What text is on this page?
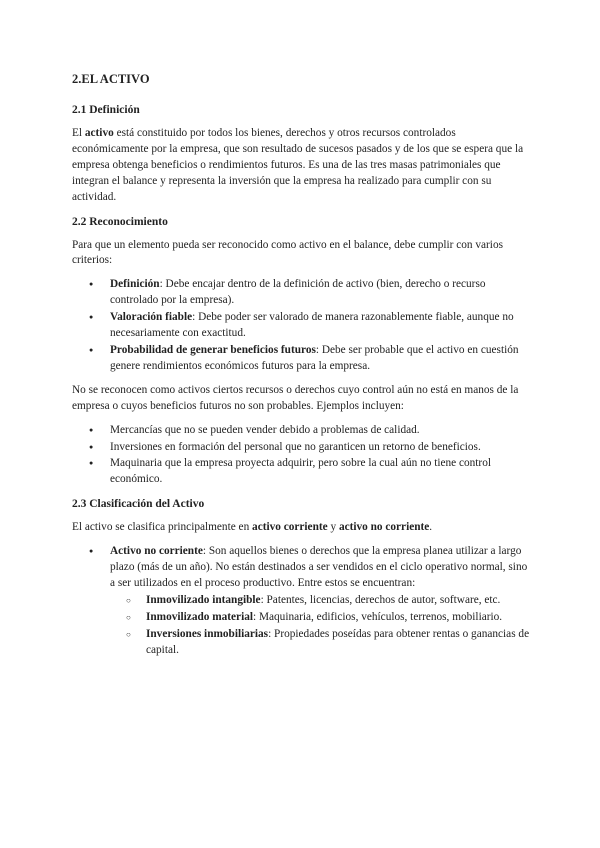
2.EL ACTIVO
2.1 Definición

El activo está constituido por todos los bienes, derechos y otros recursos controlados económicamente por la empresa, que son resultado de sucesos pasados y de los que se espera que la empresa obtenga beneficios o rendimientos futuros. Es una de las tres masas patrimoniales que integran el balance y representa la inversión que la empresa ha realizado para cumplir con su actividad.

2.2 Reconocimiento

Para que un elemento pueda ser reconocido como activo en el balance, debe cumplir con varios criterios:

● Definición: Debe encajar dentro de la definición de activo (bien, derecho o recurso controlado por la empresa).
● Valoración fiable: Debe poder ser valorado de manera razonablemente fiable, aunque no necesariamente con exactitud.
● Probabilidad de generar beneficios futuros: Debe ser probable que el activo en cuestión genere rendimientos económicos futuros para la empresa.

No se reconocen como activos ciertos recursos o derechos cuyo control aún no está en manos de la empresa o cuyos beneficios futuros no son probables. Ejemplos incluyen:

● Mercancías que no se pueden vender debido a problemas de calidad.
● Inversiones en formación del personal que no garanticen un retorno de beneficios.
● Maquinaria que la empresa proyecta adquirir, pero sobre la cual aún no tiene control económico.
2.3 Clasificación del Activo

El activo se clasifica principalmente en activo corriente y activo no corriente.

● Activo no corriente: Son aquellos bienes o derechos que la empresa planea utilizar a largo plazo (más de un año). No están destinados a ser vendidos en el ciclo operativo normal, sino a ser utilizados en el proceso productivo. Entre estos se encuentran:
○ Inmovilizado intangible: Patentes, licencias, derechos de autor, software, etc.
○ Inmovilizado material: Maquinaria, edificios, vehículos, terrenos, mobiliario.
○ Inversiones inmobiliarias: Propiedades poseídas para obtener rentas o ganancias de capital.
